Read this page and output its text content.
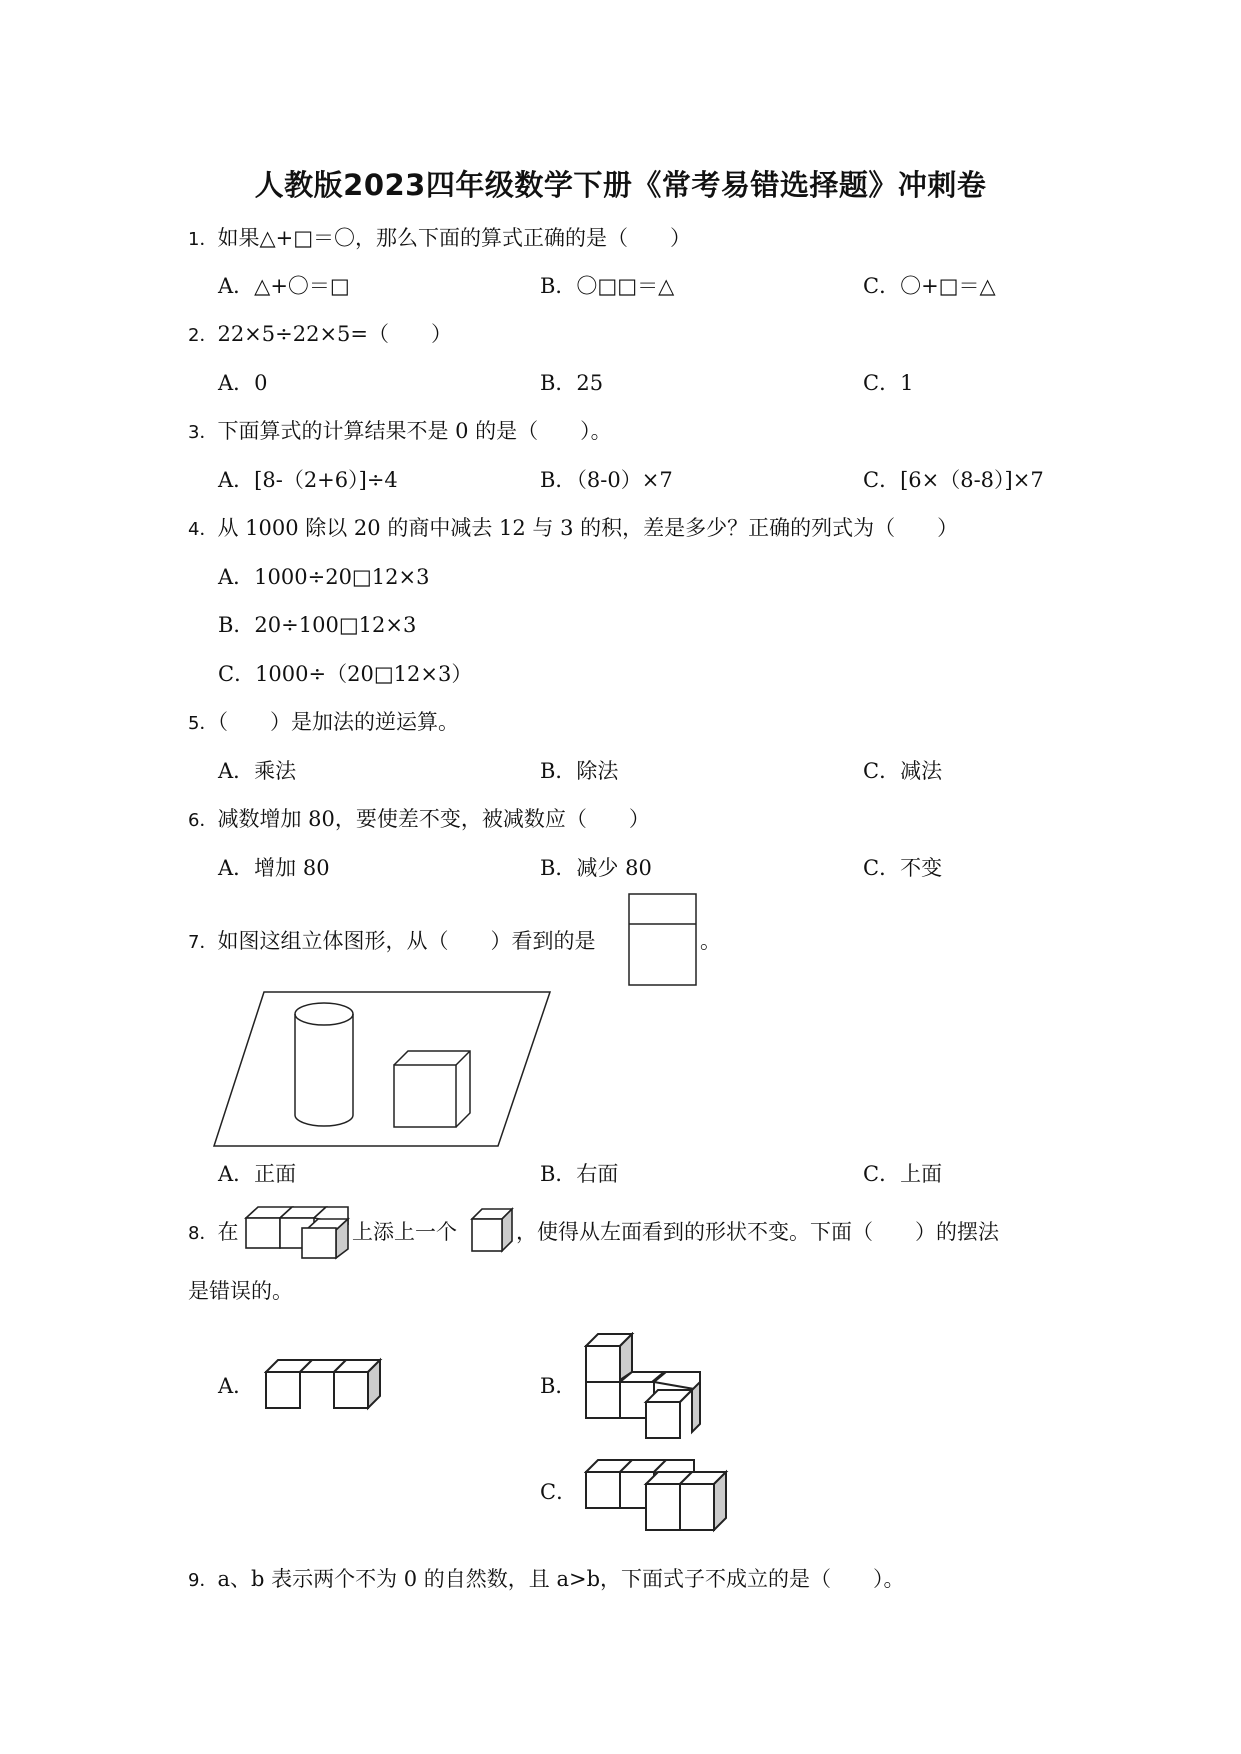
人教版2023四年级数学下册《常考易错选择题》冲刺卷
1．如果△+□＝〇，那么下面的算式正确的是（　　）
A．△+〇＝□	B．〇□□＝△	C．〇+□＝△
2．22×5÷22×5=（　　）
A．0	B．25	C．1
3．下面算式的计算结果不是 0 的是（　　）。
A．[8-（2+6）]÷4	B．（8-0）×7	C．[6×（8-8）]×7
4．从 1000 除以 20 的商中减去 12 与 3 的积，差是多少？正确的列式为（　　）
A．1000÷20□12×3
B．20÷100□12×3
C．1000÷（20□12×3）
5．（　　）是加法的逆运算。
A．乘法	B．除法	C．减法
6．减数增加 80，要使差不变，被减数应（　　）
A．增加 80	B．减少 80	C．不变
7．如图这组立体图形，从（　　）看到的是	。
A．正面	B．右面	C．上面
8．在	上添上一个	，使得从左面看到的形状不变。下面（　　）的摆法
是错误的。
A．	B．
C．
9．a、b 表示两个不为 0 的自然数，且 a>b，下面式子不成立的是（　　）。
